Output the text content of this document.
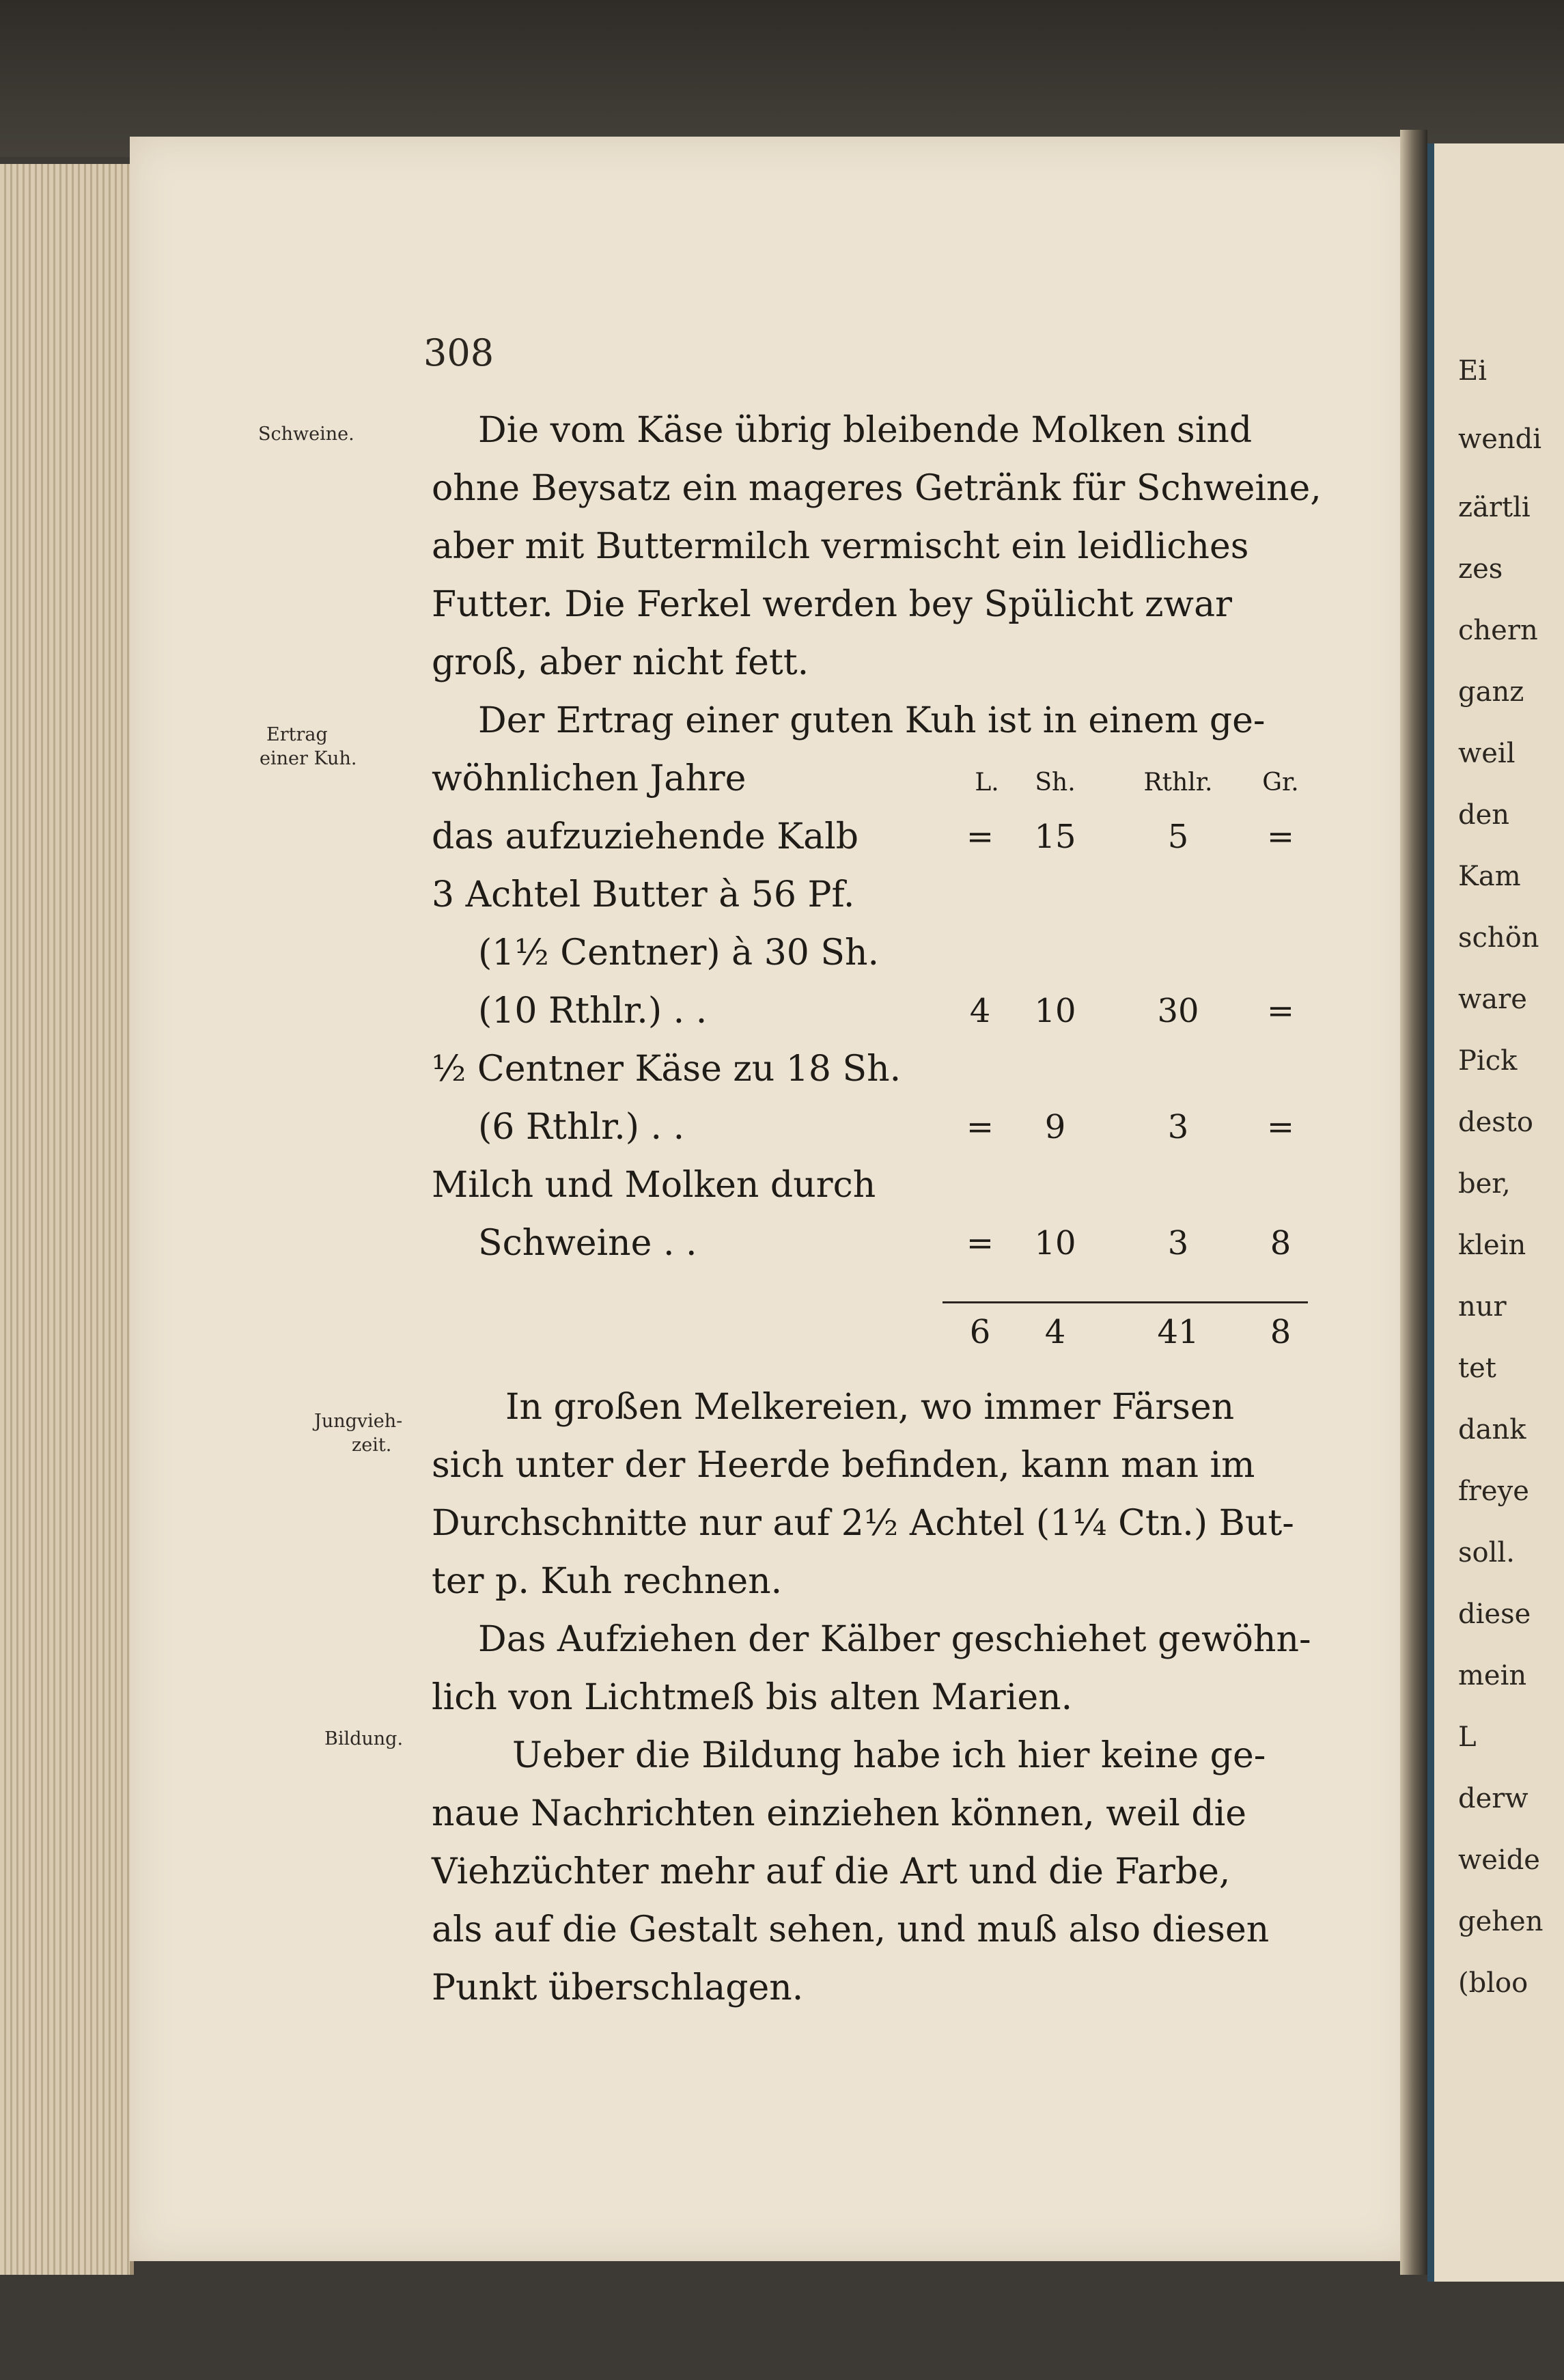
Ei
wendi
zärtli
zes
chern
ganz
weil
den
Kam
schön
ware
Pick
desto
ber,
klein
nur
tet
dank
freye
soll.
diese
mein
L
derw
weide
gehen
(bloo
308
Schweine.
Ertrag
einer Kuh.
Jungvieh-
zeit.
Bildung.
Die vom Käse übrig bleibende Molken sind
ohne Beysatz ein mageres Getränk für Schweine,
aber mit Buttermilch vermischt ein leidliches
Futter. Die Ferkel werden bey Spülicht zwar
groß, aber nicht fett.
Der Ertrag einer guten Kuh ist in einem ge-
wöhnlichen Jahre	L.	Sh.	Rthlr.	Gr.
das aufzuziehende Kalb	=	15	5	=
3 Achtel Butter à 56 Pf.
(1½ Centner) à 30 Sh.
(10 Rthlr.) . .	4	10	30	=
½ Centner Käse zu 18 Sh.
(6 Rthlr.) . .	=	9	3	=
Milch und Molken durch
Schweine . .	=	10	3	8
6	4	41	8
In großen Melkereien, wo immer Färsen
sich unter der Heerde befinden, kann man im
Durchschnitte nur auf 2½ Achtel (1¼ Ctn.) But-
ter p. Kuh rechnen.
Das Aufziehen der Kälber geschiehet gewöhn-
lich von Lichtmeß bis alten Marien.
Ueber die Bildung habe ich hier keine ge-
naue Nachrichten einziehen können, weil die
Viehzüchter mehr auf die Art und die Farbe,
als auf die Gestalt sehen, und muß also diesen
Punkt überschlagen.
